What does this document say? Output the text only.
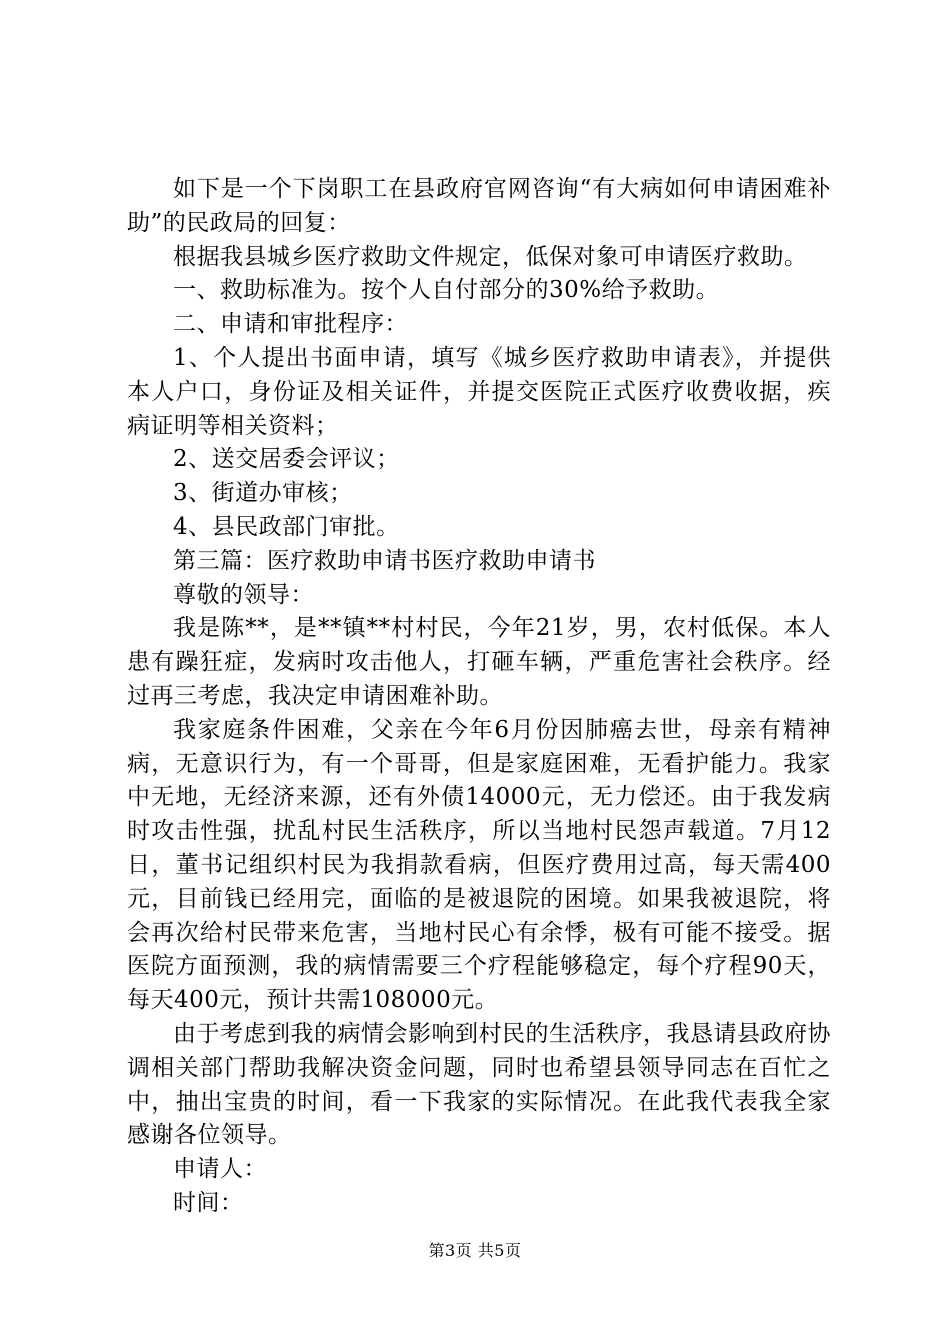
如下是一个下岗职工在县政府官网咨询“有大病如何申请困难补助”的民政局的回复：

根据我县城乡医疗救助文件规定，低保对象可申请医疗救助。

一、救助标准为。按个人自付部分的30%给予救助。

二、申请和审批程序：

1、个人提出书面申请，填写《城乡医疗救助申请表》，并提供本人户口，身份证及相关证件，并提交医院正式医疗收费收据，疾病证明等相关资料；

2、送交居委会评议；

3、街道办审核；

4、县民政部门审批。

第三篇：医疗救助申请书医疗救助申请书

尊敬的领导：

我是陈**，是**镇**村村民，今年21岁，男，农村低保。本人患有躁狂症，发病时攻击他人，打砸车辆，严重危害社会秩序。经过再三考虑，我决定申请困难补助。

我家庭条件困难，父亲在今年6月份因肺癌去世，母亲有精神病，无意识行为，有一个哥哥，但是家庭困难，无看护能力。我家中无地，无经济来源，还有外债14000元，无力偿还。由于我发病时攻击性强，扰乱村民生活秩序，所以当地村民怨声载道。7月12日，董书记组织村民为我捐款看病，但医疗费用过高，每天需400元，目前钱已经用完，面临的是被退院的困境。如果我被退院，将会再次给村民带来危害，当地村民心有余悸，极有可能不接受。据医院方面预测，我的病情需要三个疗程能够稳定，每个疗程90天，每天400元，预计共需108000元。

由于考虑到我的病情会影响到村民的生活秩序，我恳请县政府协调相关部门帮助我解决资金问题，同时也希望县领导同志在百忙之中，抽出宝贵的时间，看一下我家的实际情况。在此我代表我全家感谢各位领导。

申请人：

时间：

第3页 共5页
